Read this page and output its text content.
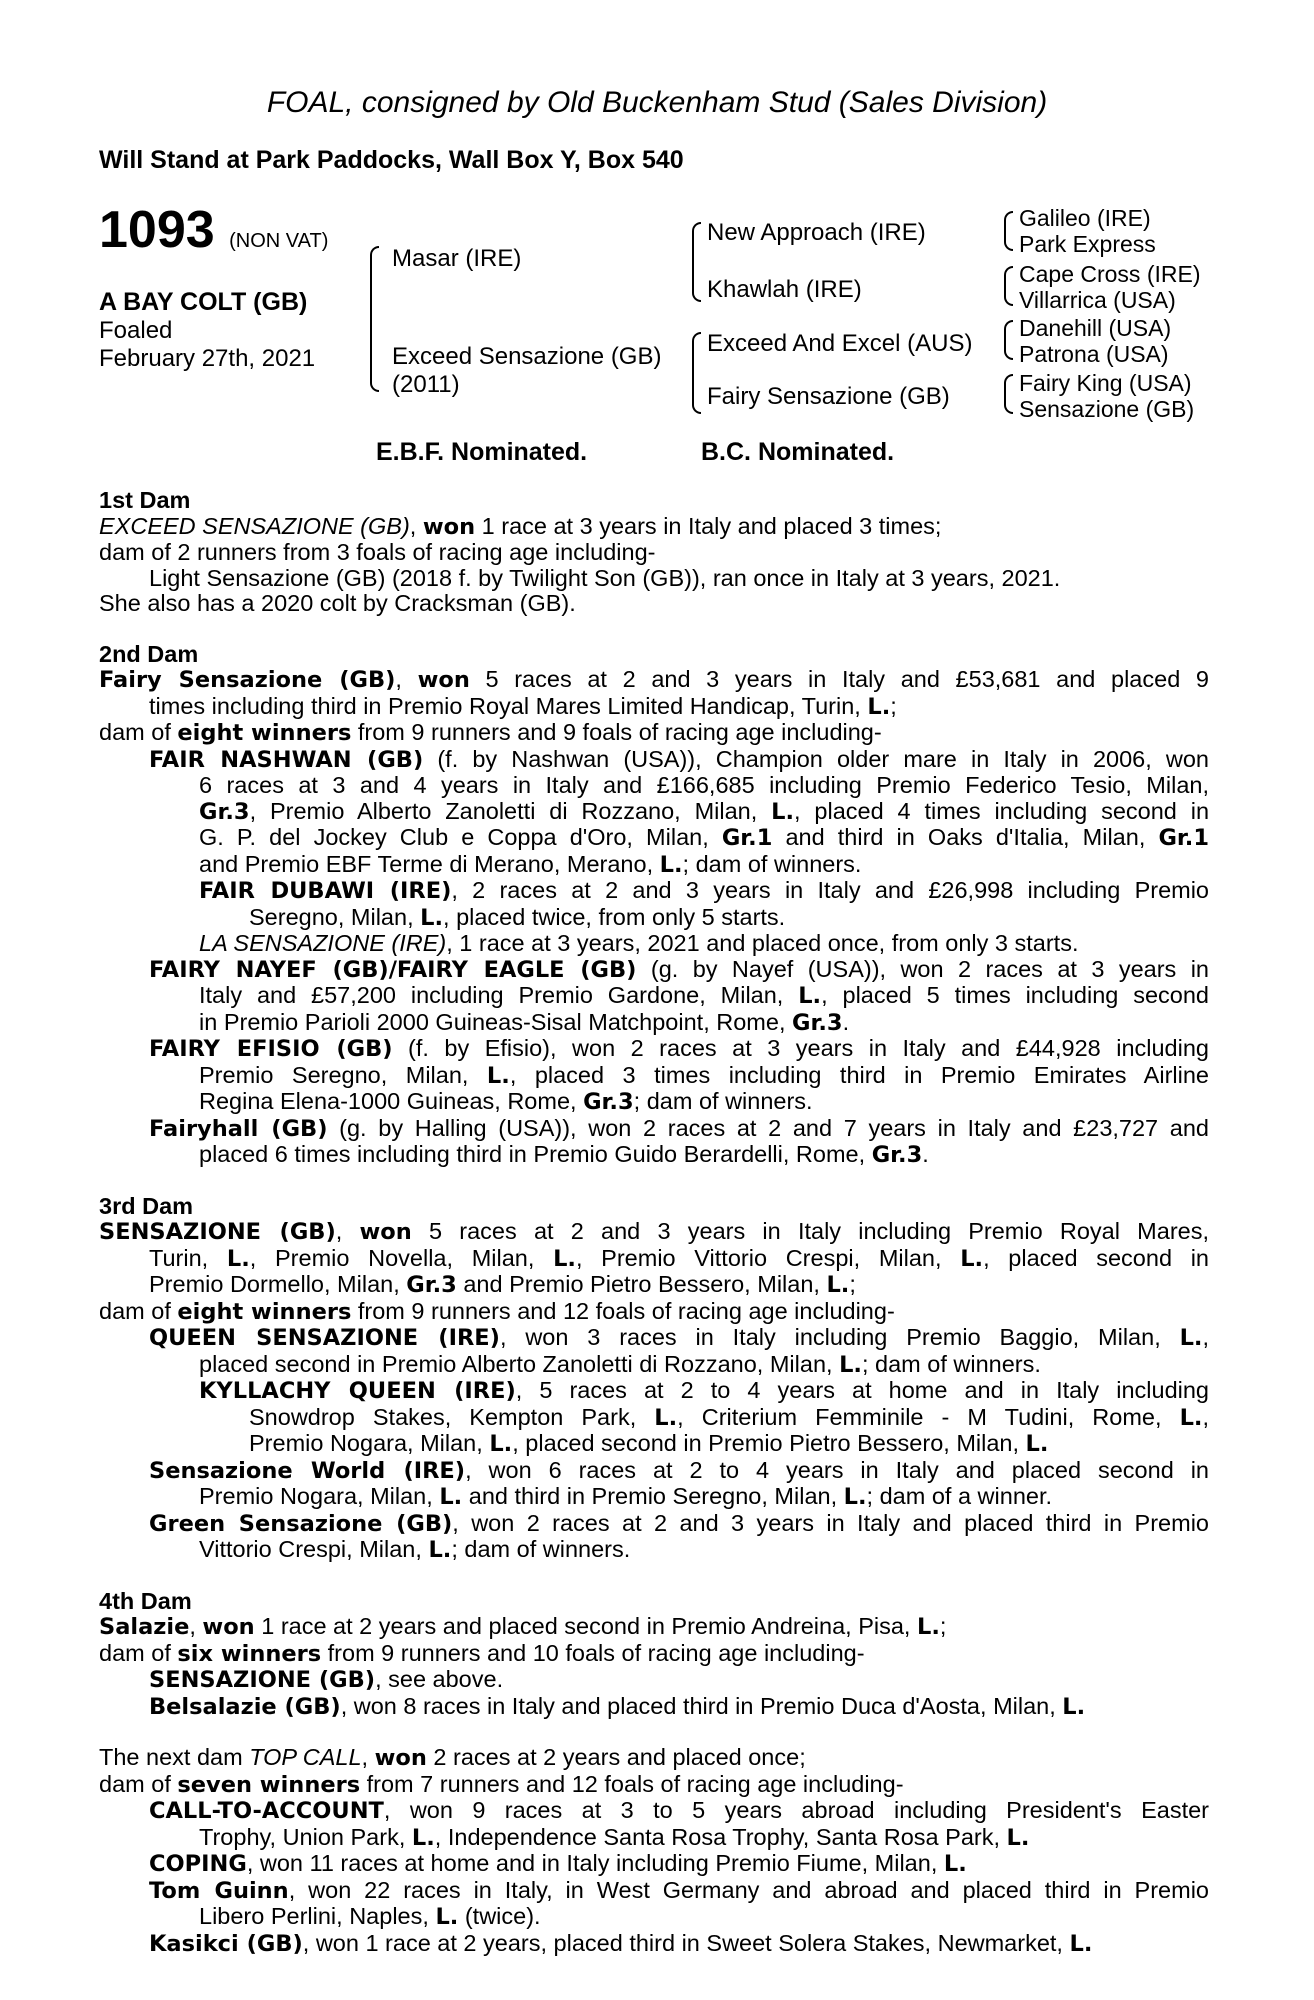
FOAL, consigned by Old Buckenham Stud (Sales Division)
Will Stand at Park Paddocks, Wall Box Y, Box 540
1093 (NON VAT)
A BAY COLT (GB)
Foaled
February 27th, 2021
Masar (IRE)
Exceed Sensazione (GB)
(2011)
New Approach (IRE)
Khawlah (IRE)
Exceed And Excel (AUS)
Fairy Sensazione (GB)
Galileo (IRE)
Park Express
Cape Cross (IRE)
Villarrica (USA)
Danehill (USA)
Patrona (USA)
Fairy King (USA)
Sensazione (GB)
E.B.F. Nominated.	B.C. Nominated.
1st Dam
EXCEED SENSAZIONE (GB), won 1 race at 3 years in Italy and placed 3 times;
dam of 2 runners from 3 foals of racing age including-
Light Sensazione (GB) (2018 f. by Twilight Son (GB)), ran once in Italy at 3 years, 2021.
She also has a 2020 colt by Cracksman (GB).
2nd Dam
Fairy Sensazione (GB), won 5 races at 2 and 3 years in Italy and £53,681 and placed 9
times including third in Premio Royal Mares Limited Handicap, Turin, L.;
dam of eight winners from 9 runners and 9 foals of racing age including-
FAIR NASHWAN (GB) (f. by Nashwan (USA)), Champion older mare in Italy in 2006, won
6 races at 3 and 4 years in Italy and £166,685 including Premio Federico Tesio, Milan,
Gr.3, Premio Alberto Zanoletti di Rozzano, Milan, L., placed 4 times including second in
G. P. del Jockey Club e Coppa d'Oro, Milan, Gr.1 and third in Oaks d'Italia, Milan, Gr.1
and Premio EBF Terme di Merano, Merano, L.; dam of winners.
FAIR DUBAWI (IRE), 2 races at 2 and 3 years in Italy and £26,998 including Premio
Seregno, Milan, L., placed twice, from only 5 starts.
LA SENSAZIONE (IRE), 1 race at 3 years, 2021 and placed once, from only 3 starts.
FAIRY NAYEF (GB)/FAIRY EAGLE (GB) (g. by Nayef (USA)), won 2 races at 3 years in
Italy and £57,200 including Premio Gardone, Milan, L., placed 5 times including second
in Premio Parioli 2000 Guineas-Sisal Matchpoint, Rome, Gr.3.
FAIRY EFISIO (GB) (f. by Efisio), won 2 races at 3 years in Italy and £44,928 including
Premio Seregno, Milan, L., placed 3 times including third in Premio Emirates Airline
Regina Elena-1000 Guineas, Rome, Gr.3; dam of winners.
Fairyhall (GB) (g. by Halling (USA)), won 2 races at 2 and 7 years in Italy and £23,727 and
placed 6 times including third in Premio Guido Berardelli, Rome, Gr.3.
3rd Dam
SENSAZIONE (GB), won 5 races at 2 and 3 years in Italy including Premio Royal Mares,
Turin, L., Premio Novella, Milan, L., Premio Vittorio Crespi, Milan, L., placed second in
Premio Dormello, Milan, Gr.3 and Premio Pietro Bessero, Milan, L.;
dam of eight winners from 9 runners and 12 foals of racing age including-
QUEEN SENSAZIONE (IRE), won 3 races in Italy including Premio Baggio, Milan, L.,
placed second in Premio Alberto Zanoletti di Rozzano, Milan, L.; dam of winners.
KYLLACHY QUEEN (IRE), 5 races at 2 to 4 years at home and in Italy including
Snowdrop Stakes, Kempton Park, L., Criterium Femminile - M Tudini, Rome, L.,
Premio Nogara, Milan, L., placed second in Premio Pietro Bessero, Milan, L.
Sensazione World (IRE), won 6 races at 2 to 4 years in Italy and placed second in
Premio Nogara, Milan, L. and third in Premio Seregno, Milan, L.; dam of a winner.
Green Sensazione (GB), won 2 races at 2 and 3 years in Italy and placed third in Premio
Vittorio Crespi, Milan, L.; dam of winners.
4th Dam
Salazie, won 1 race at 2 years and placed second in Premio Andreina, Pisa, L.;
dam of six winners from 9 runners and 10 foals of racing age including-
SENSAZIONE (GB), see above.
Belsalazie (GB), won 8 races in Italy and placed third in Premio Duca d'Aosta, Milan, L.
The next dam TOP CALL, won 2 races at 2 years and placed once;
dam of seven winners from 7 runners and 12 foals of racing age including-
CALL-TO-ACCOUNT, won 9 races at 3 to 5 years abroad including President's Easter
Trophy, Union Park, L., Independence Santa Rosa Trophy, Santa Rosa Park, L.
COPING, won 11 races at home and in Italy including Premio Fiume, Milan, L.
Tom Guinn, won 22 races in Italy, in West Germany and abroad and placed third in Premio
Libero Perlini, Naples, L. (twice).
Kasikci (GB), won 1 race at 2 years, placed third in Sweet Solera Stakes, Newmarket, L.
